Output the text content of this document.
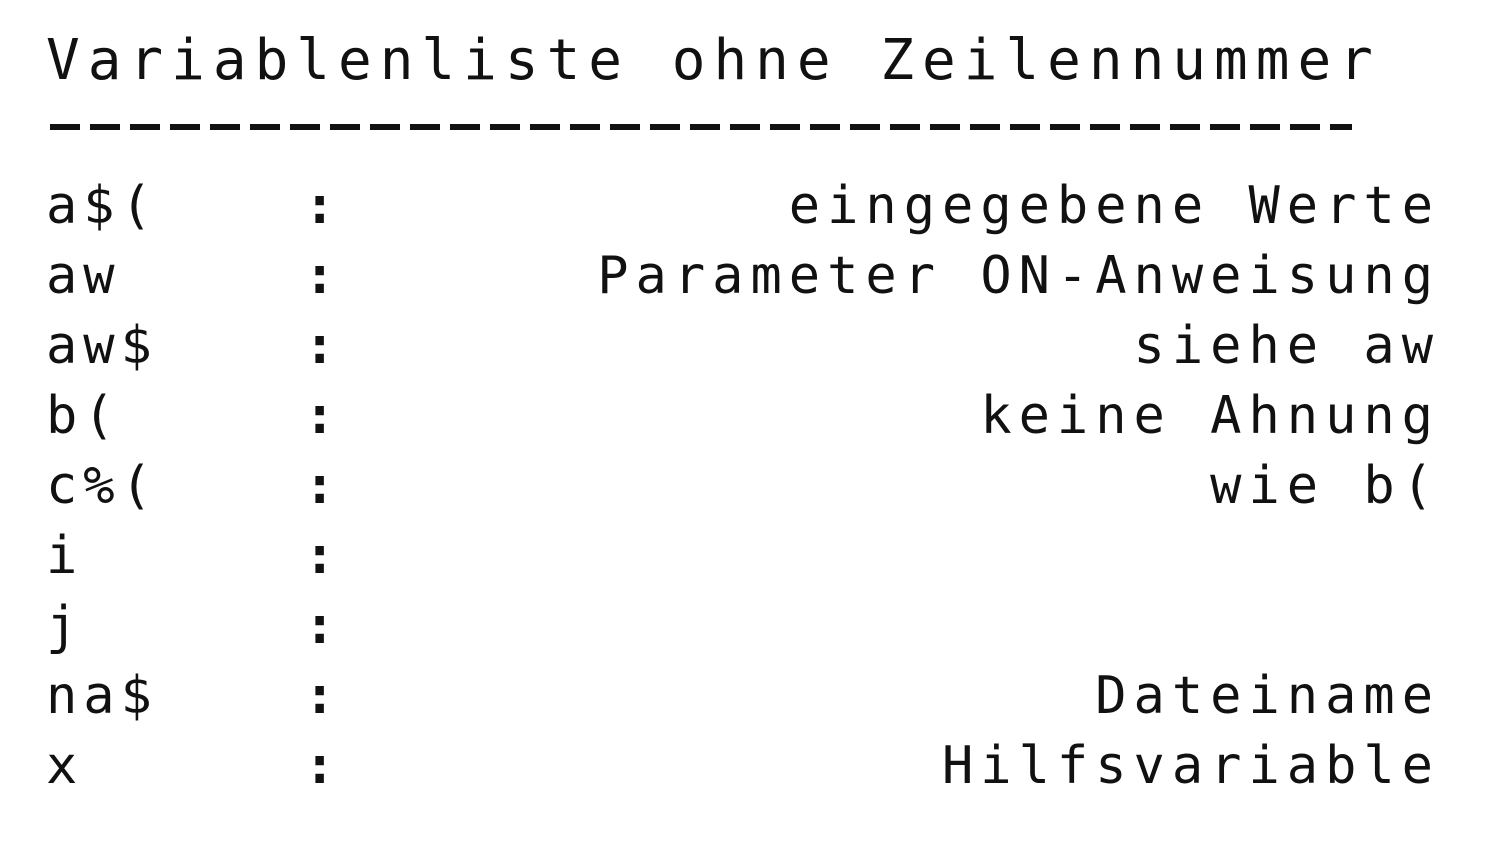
Variablenliste ohne Zeilennummer
a$(	:	eingegebene Werte
aw	:	Parameter ON-Anweisung
aw$	:	siehe aw
b(	:	keine Ahnung
c%(	:	wie b(
i	:
j	:
na$	:	Dateiname
x	:	Hilfsvariable
